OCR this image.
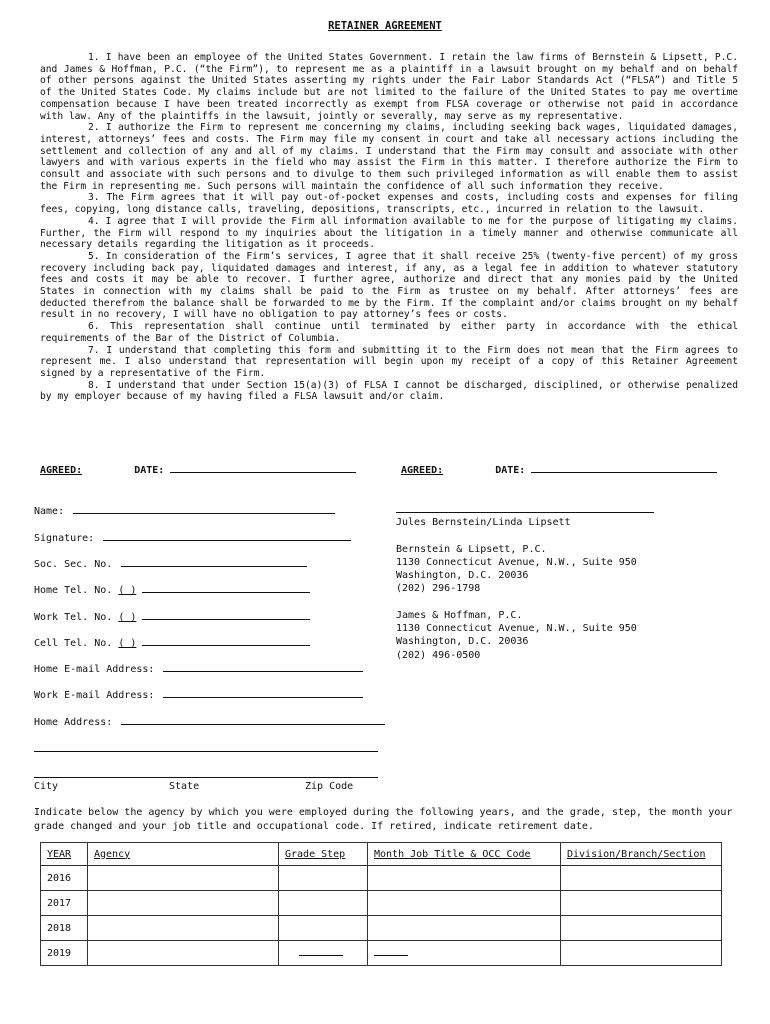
RETAINER AGREEMENT

1. I have been an employee of the United States Government. I retain the law firms of Bernstein & Lipsett, P.C. and James & Hoffman, P.C. (“the Firm”), to represent me as a plaintiff in a lawsuit brought on my behalf and on behalf of other persons against the United States asserting my rights under the Fair Labor Standards Act (“FLSA”) and Title 5 of the United States Code. My claims include but are not limited to the failure of the United States to pay me overtime compensation because I have been treated incorrectly as exempt from FLSA coverage or otherwise not paid in accordance with law. Any of the plaintiffs in the lawsuit, jointly or severally, may serve as my representative.

2. I authorize the Firm to represent me concerning my claims, including seeking back wages, liquidated damages, interest, attorneys’ fees and costs. The Firm may file my consent in court and take all necessary actions including the settlement and collection of any and all of my claims. I understand that the Firm may consult and associate with other lawyers and with various experts in the field who may assist the Firm in this matter. I therefore authorize the Firm to consult and associate with such persons and to divulge to them such privileged information as will enable them to assist the Firm in representing me. Such persons will maintain the confidence of all such information they receive.

3. The Firm agrees that it will pay out-of-pocket expenses and costs, including costs and expenses for filing fees, copying, long distance calls, traveling, depositions, transcripts, etc., incurred in relation to the lawsuit.

4. I agree that I will provide the Firm all information available to me for the purpose of litigating my claims. Further, the Firm will respond to my inquiries about the litigation in a timely manner and otherwise communicate all necessary details regarding the litigation as it proceeds.

5. In consideration of the Firm’s services, I agree that it shall receive 25% (twenty-five percent) of my gross recovery including back pay, liquidated damages and interest, if any, as a legal fee in addition to whatever statutory fees and costs it may be able to recover. I further agree, authorize and direct that any monies paid by the United States in connection with my claims shall be paid to the Firm as trustee on my behalf. After attorneys’ fees are deducted therefrom the balance shall be forwarded to me by the Firm. If the complaint and/or claims brought on my behalf result in no recovery, I will have no obligation to pay attorney’s fees or costs.

6. This representation shall continue until terminated by either party in accordance with the ethical requirements of the Bar of the District of Columbia.

7. I understand that completing this form and submitting it to the Firm does not mean that the Firm agrees to represent me. I also understand that representation will begin upon my receipt of a copy of this Retainer Agreement signed by a representative of the Firm.

8. I understand that under Section 15(a)(3) of FLSA I cannot be discharged, disciplined, or otherwise penalized by my employer because of my having filed a FLSA lawsuit and/or claim.

AGREED:	DATE:	AGREED:	DATE:
Name:
Signature:
Soc. Sec. No.
Home Tel. No. ( )
Work Tel. No. ( )
Cell Tel. No. ( )
Home E-mail Address:
Work E-mail Address:
Home Address:
City	State	Zip Code
Jules Bernstein/Linda Lipsett
Bernstein & Lipsett, P.C.
1130 Connecticut Avenue, N.W., Suite 950
Washington, D.C. 20036
(202) 296-1798
James & Hoffman, P.C.
1130 Connecticut Avenue, N.W., Suite 950
Washington, D.C. 20036
(202) 496-0500
Indicate below the agency by which you were employed during the following years, and the grade, step, the month your grade changed and your job title and occupational code. If retired, indicate retirement date.
YEAR	Agency	Grade Step	Month Job Title & OCC Code	Division/Branch/Section
2016				
2017				
2018				
2019				
